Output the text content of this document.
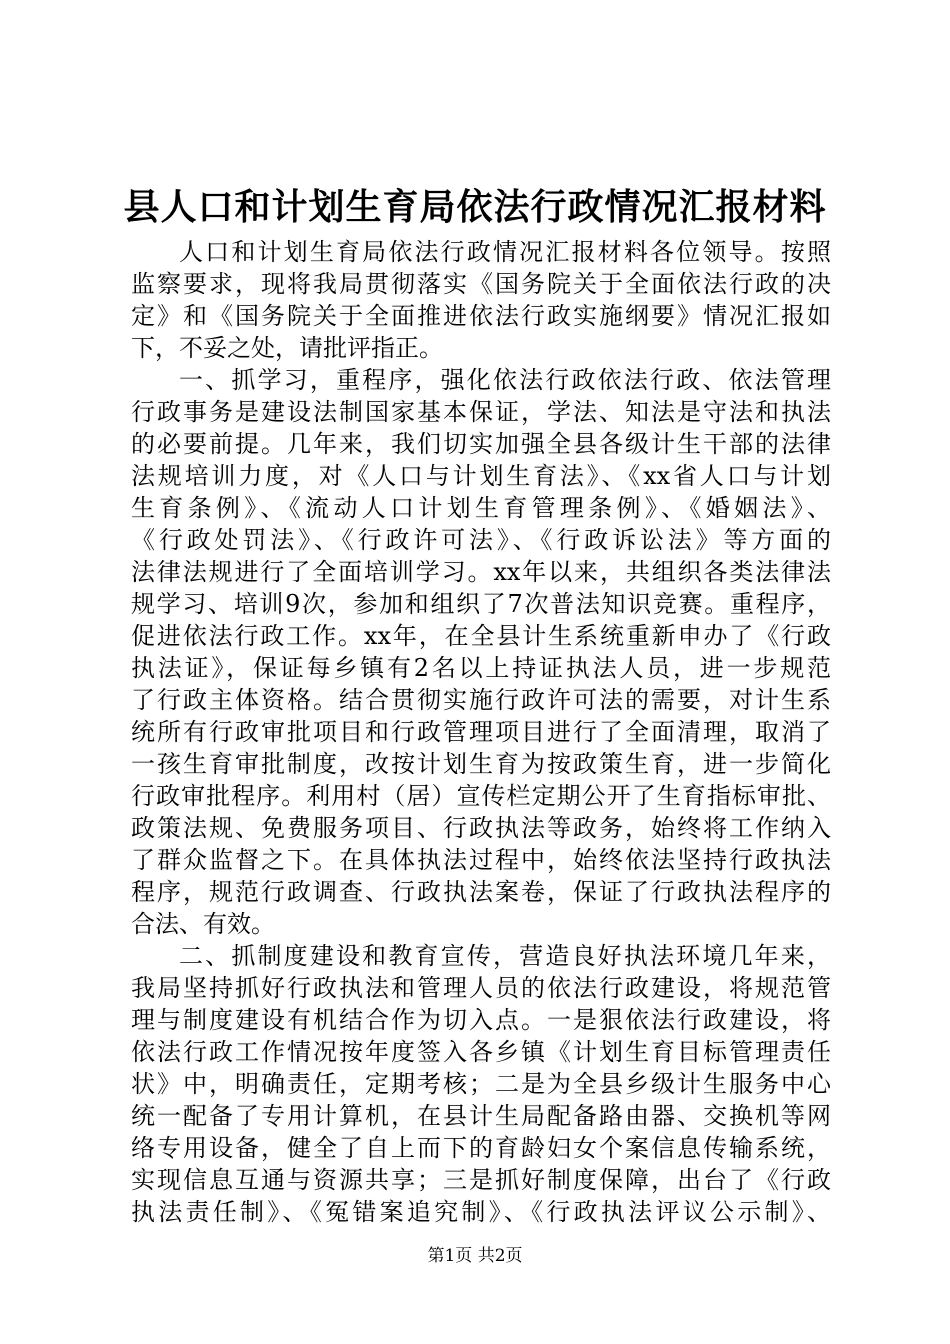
县人口和计划生育局依法行政情况汇报材料
人口和计划生育局依法行政情况汇报材料各位领导。按照
监察要求，现将我局贯彻落实《国务院关于全面依法行政的决
定》和《国务院关于全面推进依法行政实施纲要》情况汇报如
下，不妥之处，请批评指正。
一、抓学习，重程序，强化依法行政依法行政、依法管理
行政事务是建设法制国家基本保证，学法、知法是守法和执法
的必要前提。几年来，我们切实加强全县各级计生干部的法律
法规培训力度，对《人口与计划生育法》、《xx省人口与计划
生育条例》、《流动人口计划生育管理条例》、《婚姻法》、
《行政处罚法》、《行政许可法》、《行政诉讼法》等方面的
法律法规进行了全面培训学习。xx年以来，共组织各类法律法
规学习、培训9次，参加和组织了7次普法知识竞赛。重程序，
促进依法行政工作。xx年，在全县计生系统重新申办了《行政
执法证》，保证每乡镇有2名以上持证执法人员，进一步规范
了行政主体资格。结合贯彻实施行政许可法的需要，对计生系
统所有行政审批项目和行政管理项目进行了全面清理，取消了
一孩生育审批制度，改按计划生育为按政策生育，进一步简化
行政审批程序。利用村（居）宣传栏定期公开了生育指标审批、
政策法规、免费服务项目、行政执法等政务，始终将工作纳入
了群众监督之下。在具体执法过程中，始终依法坚持行政执法
程序，规范行政调查、行政执法案卷，保证了行政执法程序的
合法、有效。
二、抓制度建设和教育宣传，营造良好执法环境几年来，
我局坚持抓好行政执法和管理人员的依法行政建设，将规范管
理与制度建设有机结合作为切入点。一是狠依法行政建设，将
依法行政工作情况按年度签入各乡镇《计划生育目标管理责任
状》中，明确责任，定期考核；二是为全县乡级计生服务中心
统一配备了专用计算机，在县计生局配备路由器、交换机等网
络专用设备，健全了自上而下的育龄妇女个案信息传输系统，
实现信息互通与资源共享；三是抓好制度保障，出台了《行政
执法责任制》、《冤错案追究制》、《行政执法评议公示制》、
第1页 共2页
